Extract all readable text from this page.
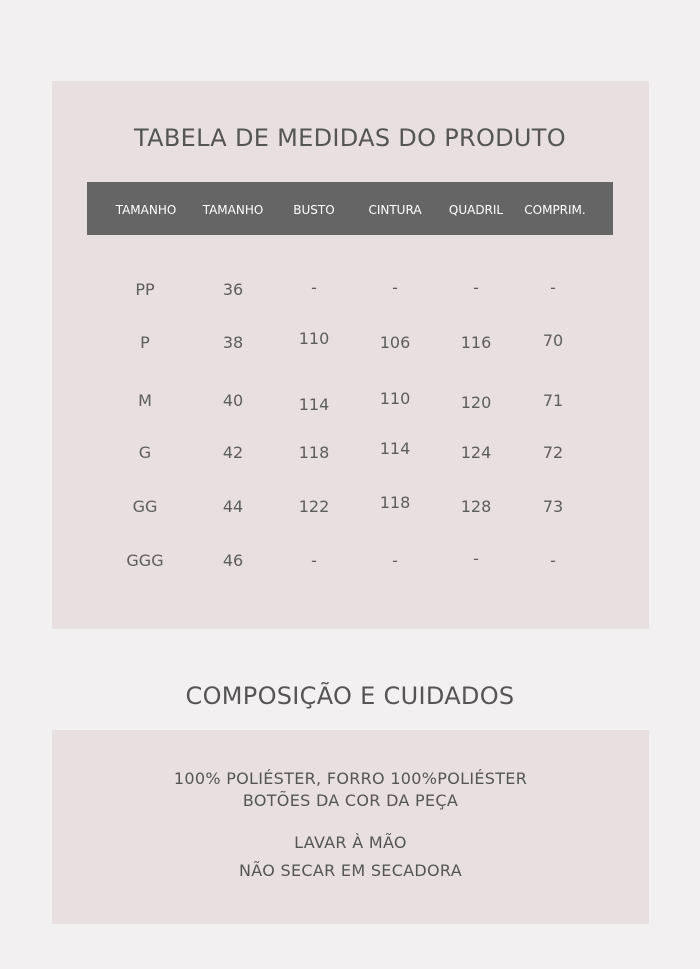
TABELA DE MEDIDAS DO PRODUTO
TAMANHO	TAMANHO	BUSTO	CINTURA	QUADRIL	COMPRIM.
PP	36	-	-	-	-
P	38	110	106	116	70
M	40	114	110	120	71
G	42	118	114	124	72
GG	44	122	118	128	73
GGG	46	-	-	-	-
COMPOSIÇÃO E CUIDADOS
100% POLIÉSTER, FORRO 100%POLIÉSTER
BOTÕES DA COR DA PEÇA
LAVAR À MÃO
NÃO SECAR EM SECADORA
